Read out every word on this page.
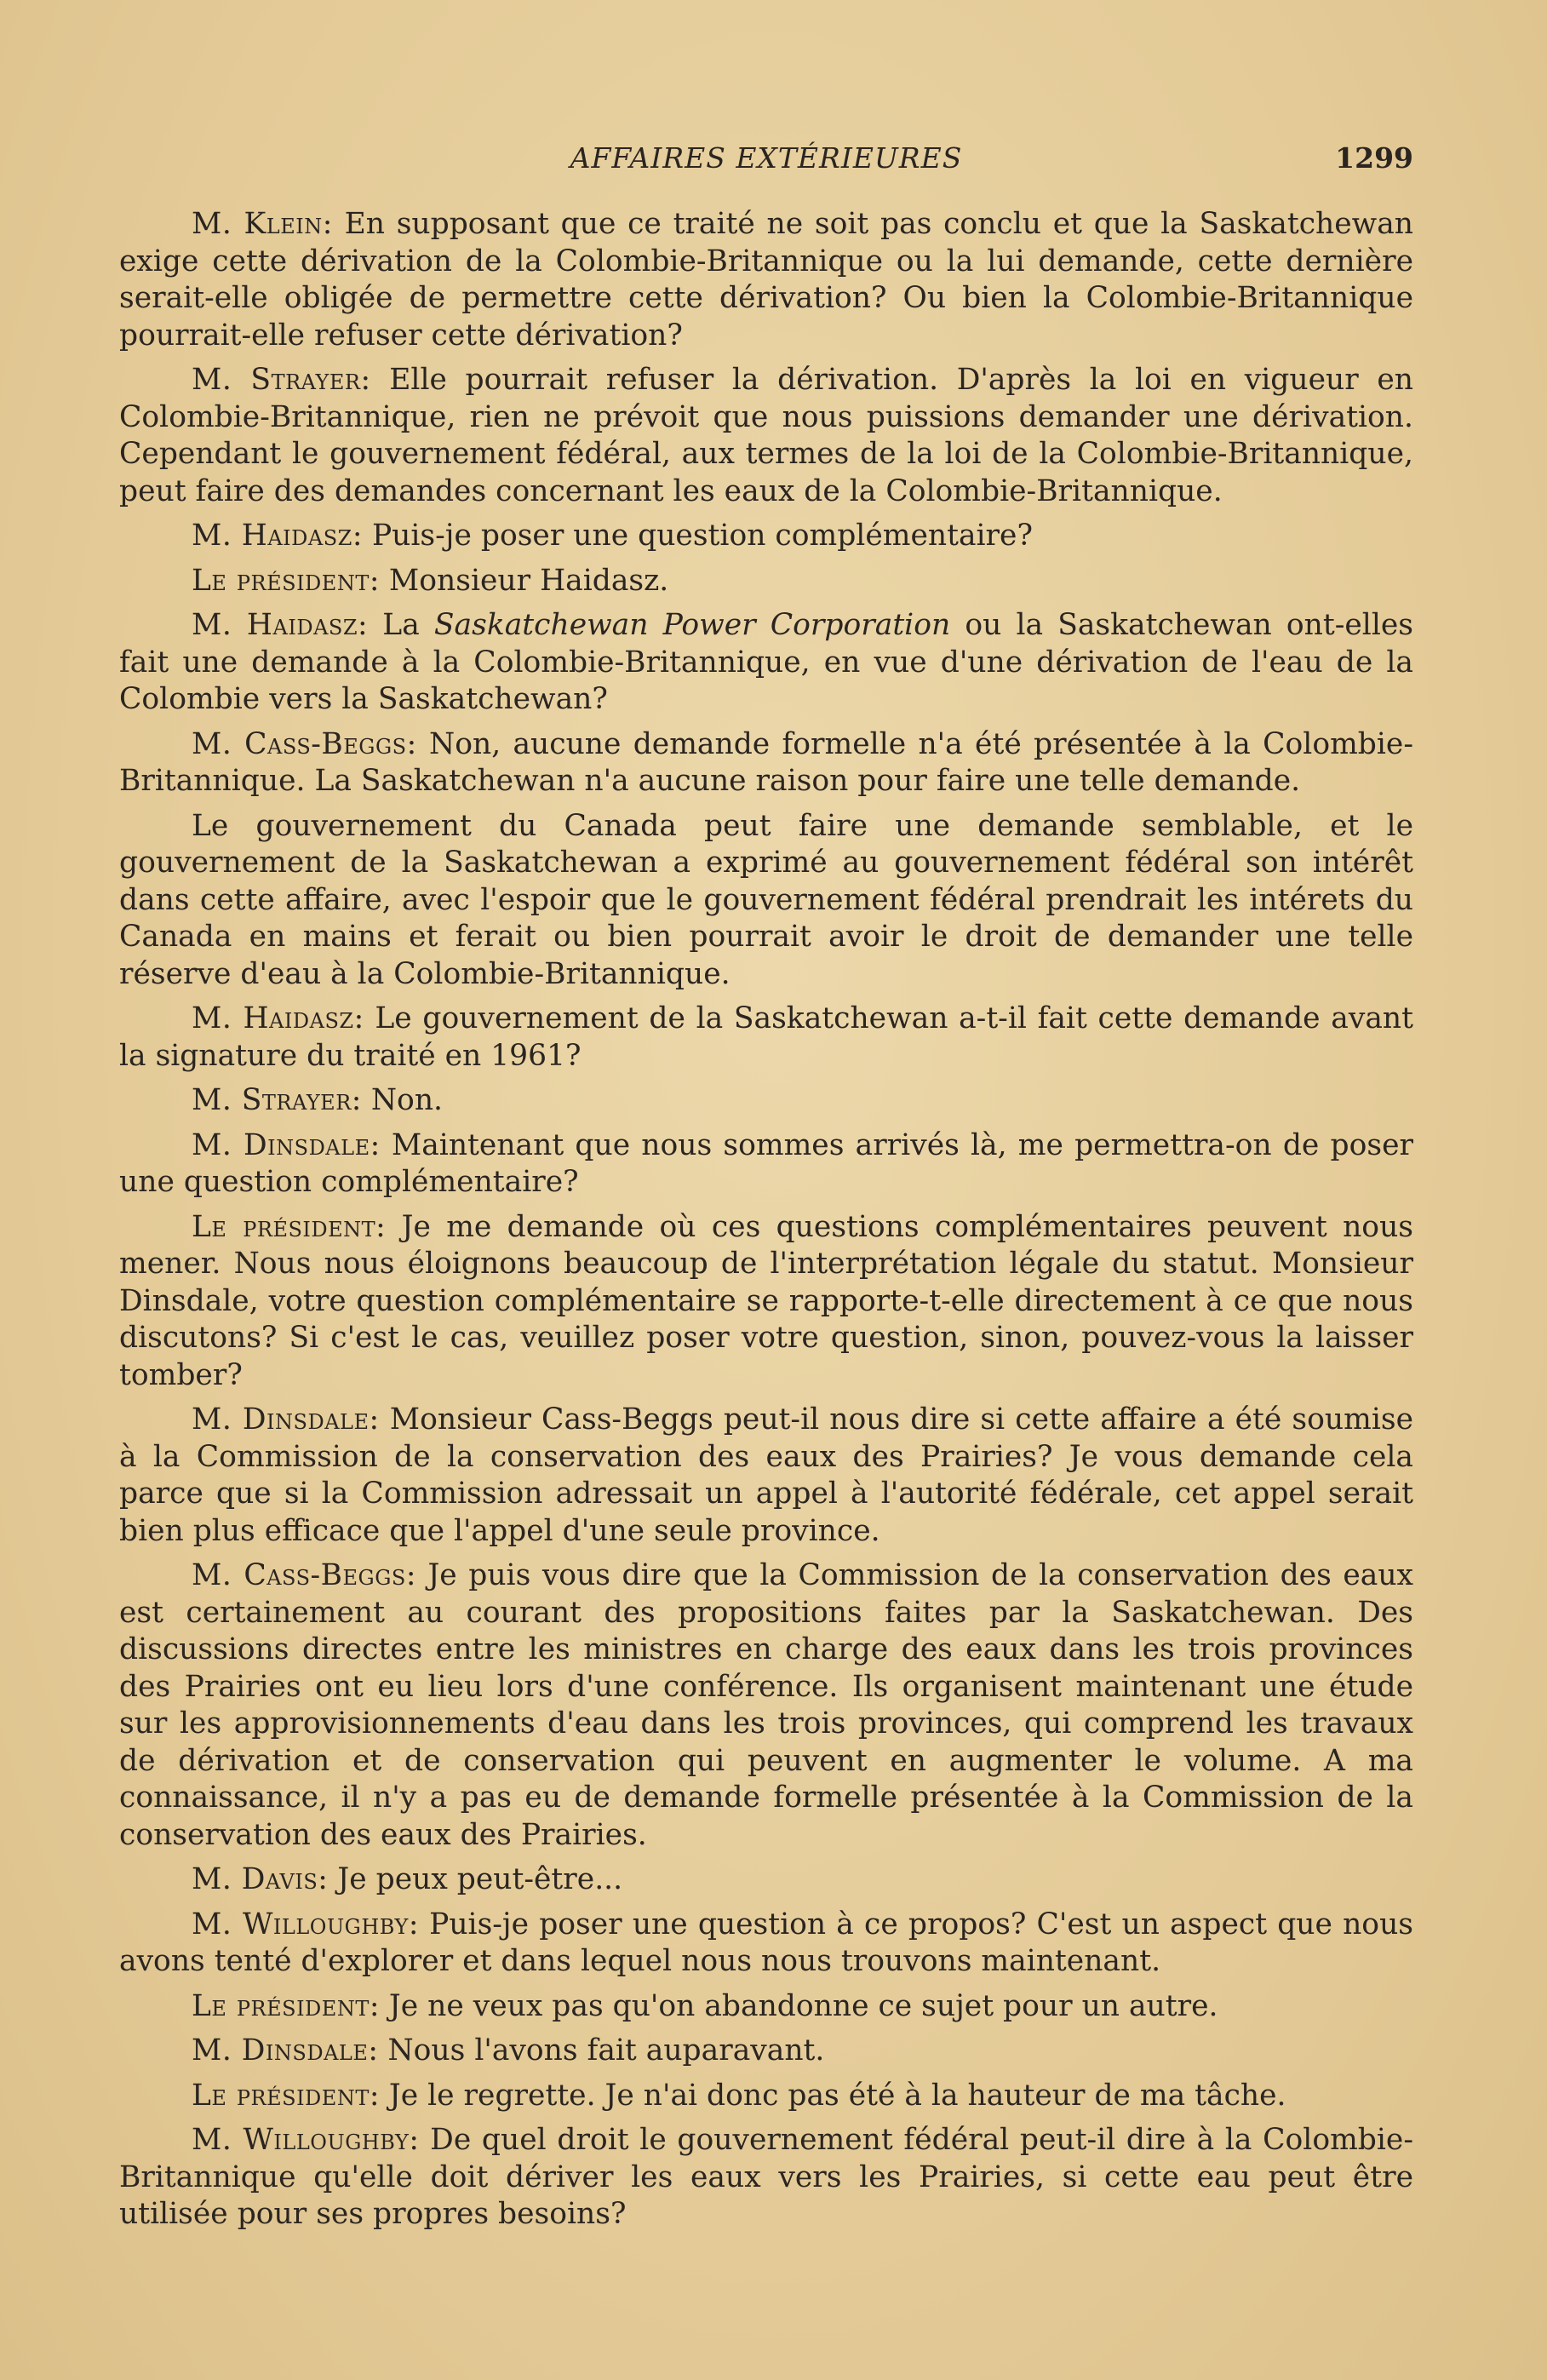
AFFAIRES EXTÉRIEURES	1299

M. Klein: En supposant que ce traité ne soit pas conclu et que la Saskatchewan exige cette dérivation de la Colombie-Britannique ou la lui demande, cette dernière serait-elle obligée de permettre cette dérivation? Ou bien la Colombie-Britannique pourrait-elle refuser cette dérivation?

M. Strayer: Elle pourrait refuser la dérivation. D'après la loi en vigueur en Colombie-Britannique, rien ne prévoit que nous puissions demander une dérivation. Cependant le gouvernement fédéral, aux termes de la loi de la Colombie-Britannique, peut faire des demandes concernant les eaux de la Colombie-Britannique.

M. Haidasz: Puis-je poser une question complémentaire?

Le président: Monsieur Haidasz.

M. Haidasz: La Saskatchewan Power Corporation ou la Saskatchewan ont-elles fait une demande à la Colombie-Britannique, en vue d'une dérivation de l'eau de la Colombie vers la Saskatchewan?

M. Cass-Beggs: Non, aucune demande formelle n'a été présentée à la Colombie-Britannique. La Saskatchewan n'a aucune raison pour faire une telle demande.

Le gouvernement du Canada peut faire une demande semblable, et le gouvernement de la Saskatchewan a exprimé au gouvernement fédéral son intérêt dans cette affaire, avec l'espoir que le gouvernement fédéral prendrait les intérets du Canada en mains et ferait ou bien pourrait avoir le droit de demander une telle réserve d'eau à la Colombie-Britannique.

M. Haidasz: Le gouvernement de la Saskatchewan a-t-il fait cette demande avant la signature du traité en 1961?

M. Strayer: Non.

M. Dinsdale: Maintenant que nous sommes arrivés là, me permettra-on de poser une question complémentaire?

Le président: Je me demande où ces questions complémentaires peuvent nous mener. Nous nous éloignons beaucoup de l'interprétation légale du statut. Monsieur Dinsdale, votre question complémentaire se rapporte-t-elle directement à ce que nous discutons? Si c'est le cas, veuillez poser votre question, sinon, pouvez-vous la laisser tomber?

M. Dinsdale: Monsieur Cass-Beggs peut-il nous dire si cette affaire a été soumise à la Commission de la conservation des eaux des Prairies? Je vous demande cela parce que si la Commission adressait un appel à l'autorité fédérale, cet appel serait bien plus efficace que l'appel d'une seule province.

M. Cass-Beggs: Je puis vous dire que la Commission de la conservation des eaux est certainement au courant des propositions faites par la Saskatchewan. Des discussions directes entre les ministres en charge des eaux dans les trois provinces des Prairies ont eu lieu lors d'une conférence. Ils organisent maintenant une étude sur les approvisionnements d'eau dans les trois provinces, qui comprend les travaux de dérivation et de conservation qui peuvent en augmenter le volume. A ma connaissance, il n'y a pas eu de demande formelle présentée à la Commission de la conservation des eaux des Prairies.

M. Davis: Je peux peut-être...

M. Willoughby: Puis-je poser une question à ce propos? C'est un aspect que nous avons tenté d'explorer et dans lequel nous nous trouvons maintenant.

Le président: Je ne veux pas qu'on abandonne ce sujet pour un autre.

M. Dinsdale: Nous l'avons fait auparavant.

Le président: Je le regrette. Je n'ai donc pas été à la hauteur de ma tâche.

M. Willoughby: De quel droit le gouvernement fédéral peut-il dire à la Colombie-Britannique qu'elle doit dériver les eaux vers les Prairies, si cette eau peut être utilisée pour ses propres besoins?
